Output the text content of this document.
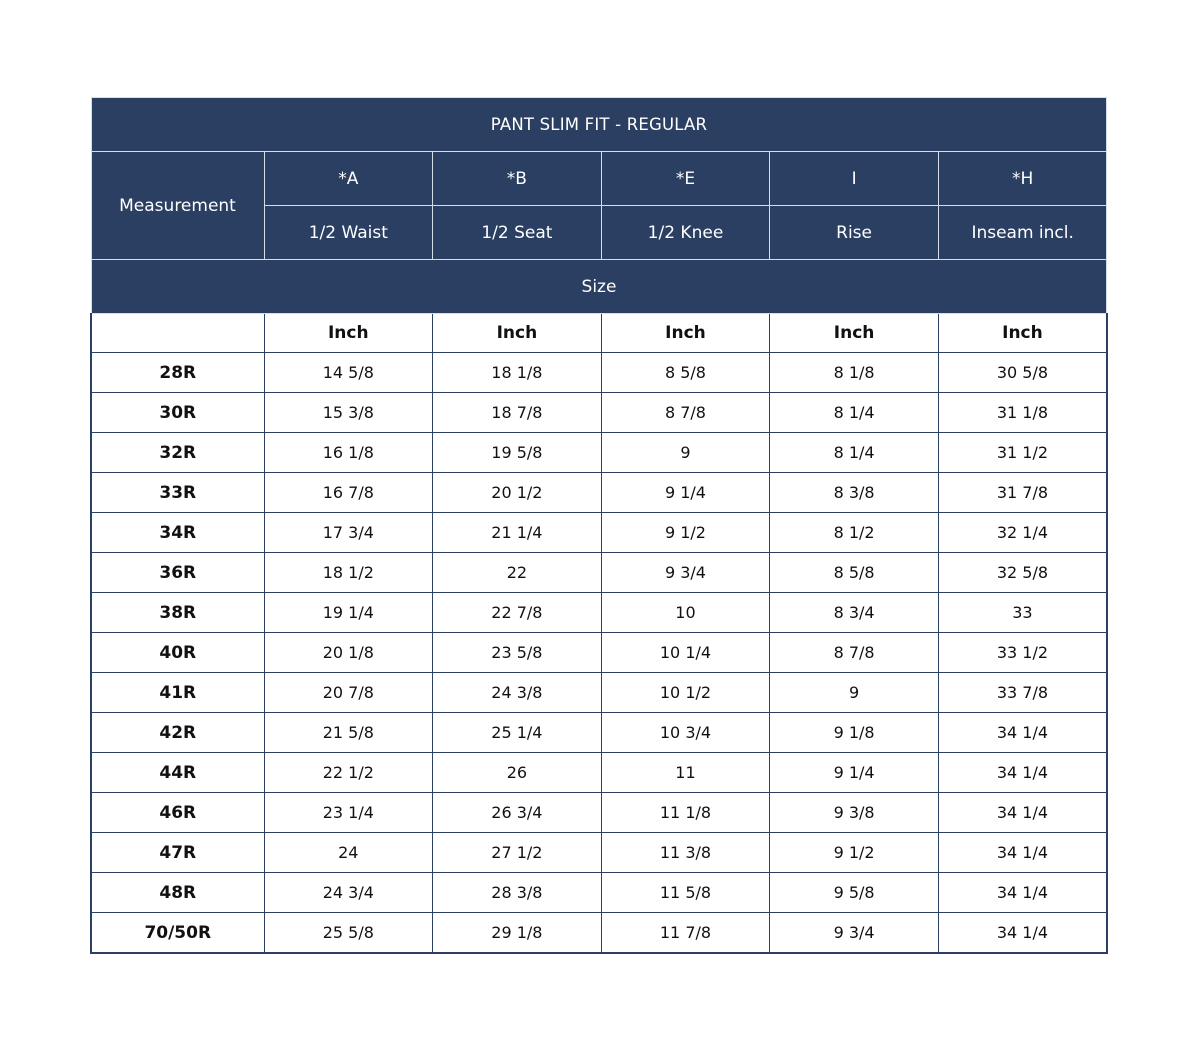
PANT SLIM FIT - REGULAR					
Measurement	*A	*B	*E	I	*H
	1/2 Waist	1/2 Seat	1/2 Knee	Rise	Inseam incl.
Size					
	Inch	Inch	Inch	Inch	Inch
28R	14 5/8	18 1/8	8 5/8	8 1/8	30 5/8
30R	15 3/8	18 7/8	8 7/8	8 1/4	31 1/8
32R	16 1/8	19 5/8	9	8 1/4	31 1/2
33R	16 7/8	20 1/2	9 1/4	8 3/8	31 7/8
34R	17 3/4	21 1/4	9 1/2	8 1/2	32 1/4
36R	18 1/2	22	9 3/4	8 5/8	32 5/8
38R	19 1/4	22 7/8	10	8 3/4	33
40R	20 1/8	23 5/8	10 1/4	8 7/8	33 1/2
41R	20 7/8	24 3/8	10 1/2	9	33 7/8
42R	21 5/8	25 1/4	10 3/4	9 1/8	34 1/4
44R	22 1/2	26	11	9 1/4	34 1/4
46R	23 1/4	26 3/4	11 1/8	9 3/8	34 1/4
47R	24	27 1/2	11 3/8	9 1/2	34 1/4
48R	24 3/4	28 3/8	11 5/8	9 5/8	34 1/4
70/50R	25 5/8	29 1/8	11 7/8	9 3/4	34 1/4
